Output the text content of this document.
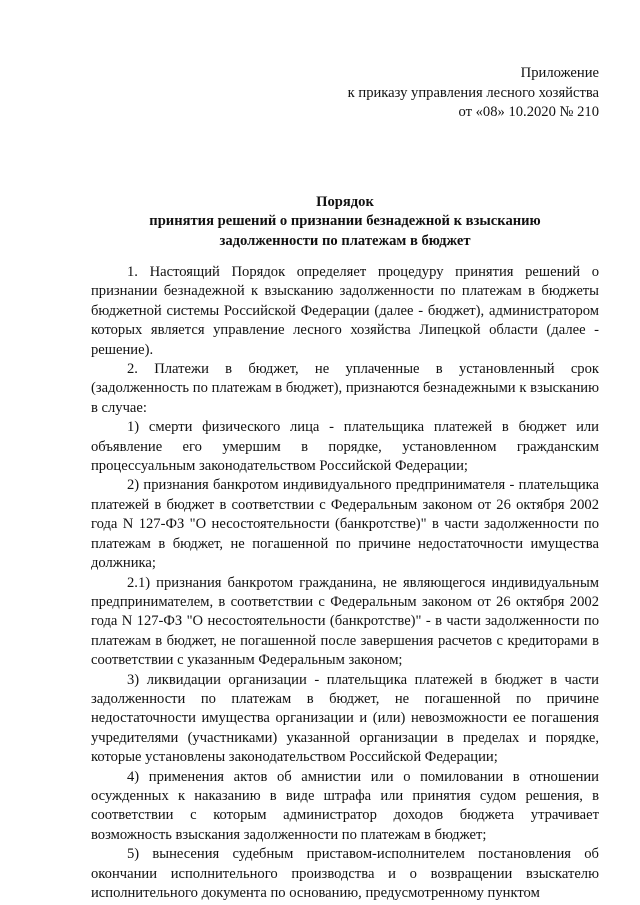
Приложение
к приказу управления лесного хозяйства
от «08» 10.2020 № 210
Порядок
принятия решений о признании безнадежной к взысканию
задолженности по платежам в бюджет

1. Настоящий Порядок определяет процедуру принятия решений о признании безнадежной к взысканию задолженности по платежам в бюджеты бюджетной системы Российской Федерации (далее - бюджет), администратором которых является управление лесного хозяйства Липецкой области (далее - решение).

2. Платежи в бюджет, не уплаченные в установленный срок (задолженность по платежам в бюджет), признаются безнадежными к взысканию в случае:

1) смерти физического лица - плательщика платежей в бюджет или объявление его умершим в порядке, установленном гражданским процессуальным законодательством Российской Федерации;

2) признания банкротом индивидуального предпринимателя - плательщика платежей в бюджет в соответствии с Федеральным законом от 26 октября 2002 года N 127-ФЗ "О несостоятельности (банкротстве)" в части задолженности по платежам в бюджет, не погашенной по причине недостаточности имущества должника;

2.1) признания банкротом гражданина, не являющегося индивидуальным предпринимателем, в соответствии с Федеральным законом от 26 октября 2002 года N 127-ФЗ "О несостоятельности (банкротстве)" - в части задолженности по платежам в бюджет, не погашенной после завершения расчетов с кредиторами в соответствии с указанным Федеральным законом;

3) ликвидации организации - плательщика платежей в бюджет в части задолженности по платежам в бюджет, не погашенной по причине недостаточности имущества организации и (или) невозможности ее погашения учредителями (участниками) указанной организации в пределах и порядке, которые установлены законодательством Российской Федерации;

4) применения актов об амнистии или о помиловании в отношении осужденных к наказанию в виде штрафа или принятия судом решения, в соответствии с которым администратор доходов бюджета утрачивает возможность взыскания задолженности по платежам в бюджет;

5) вынесения судебным приставом-исполнителем постановления об окончании исполнительного производства и о возвращении взыскателю исполнительного документа по основанию, предусмотренному пунктом
